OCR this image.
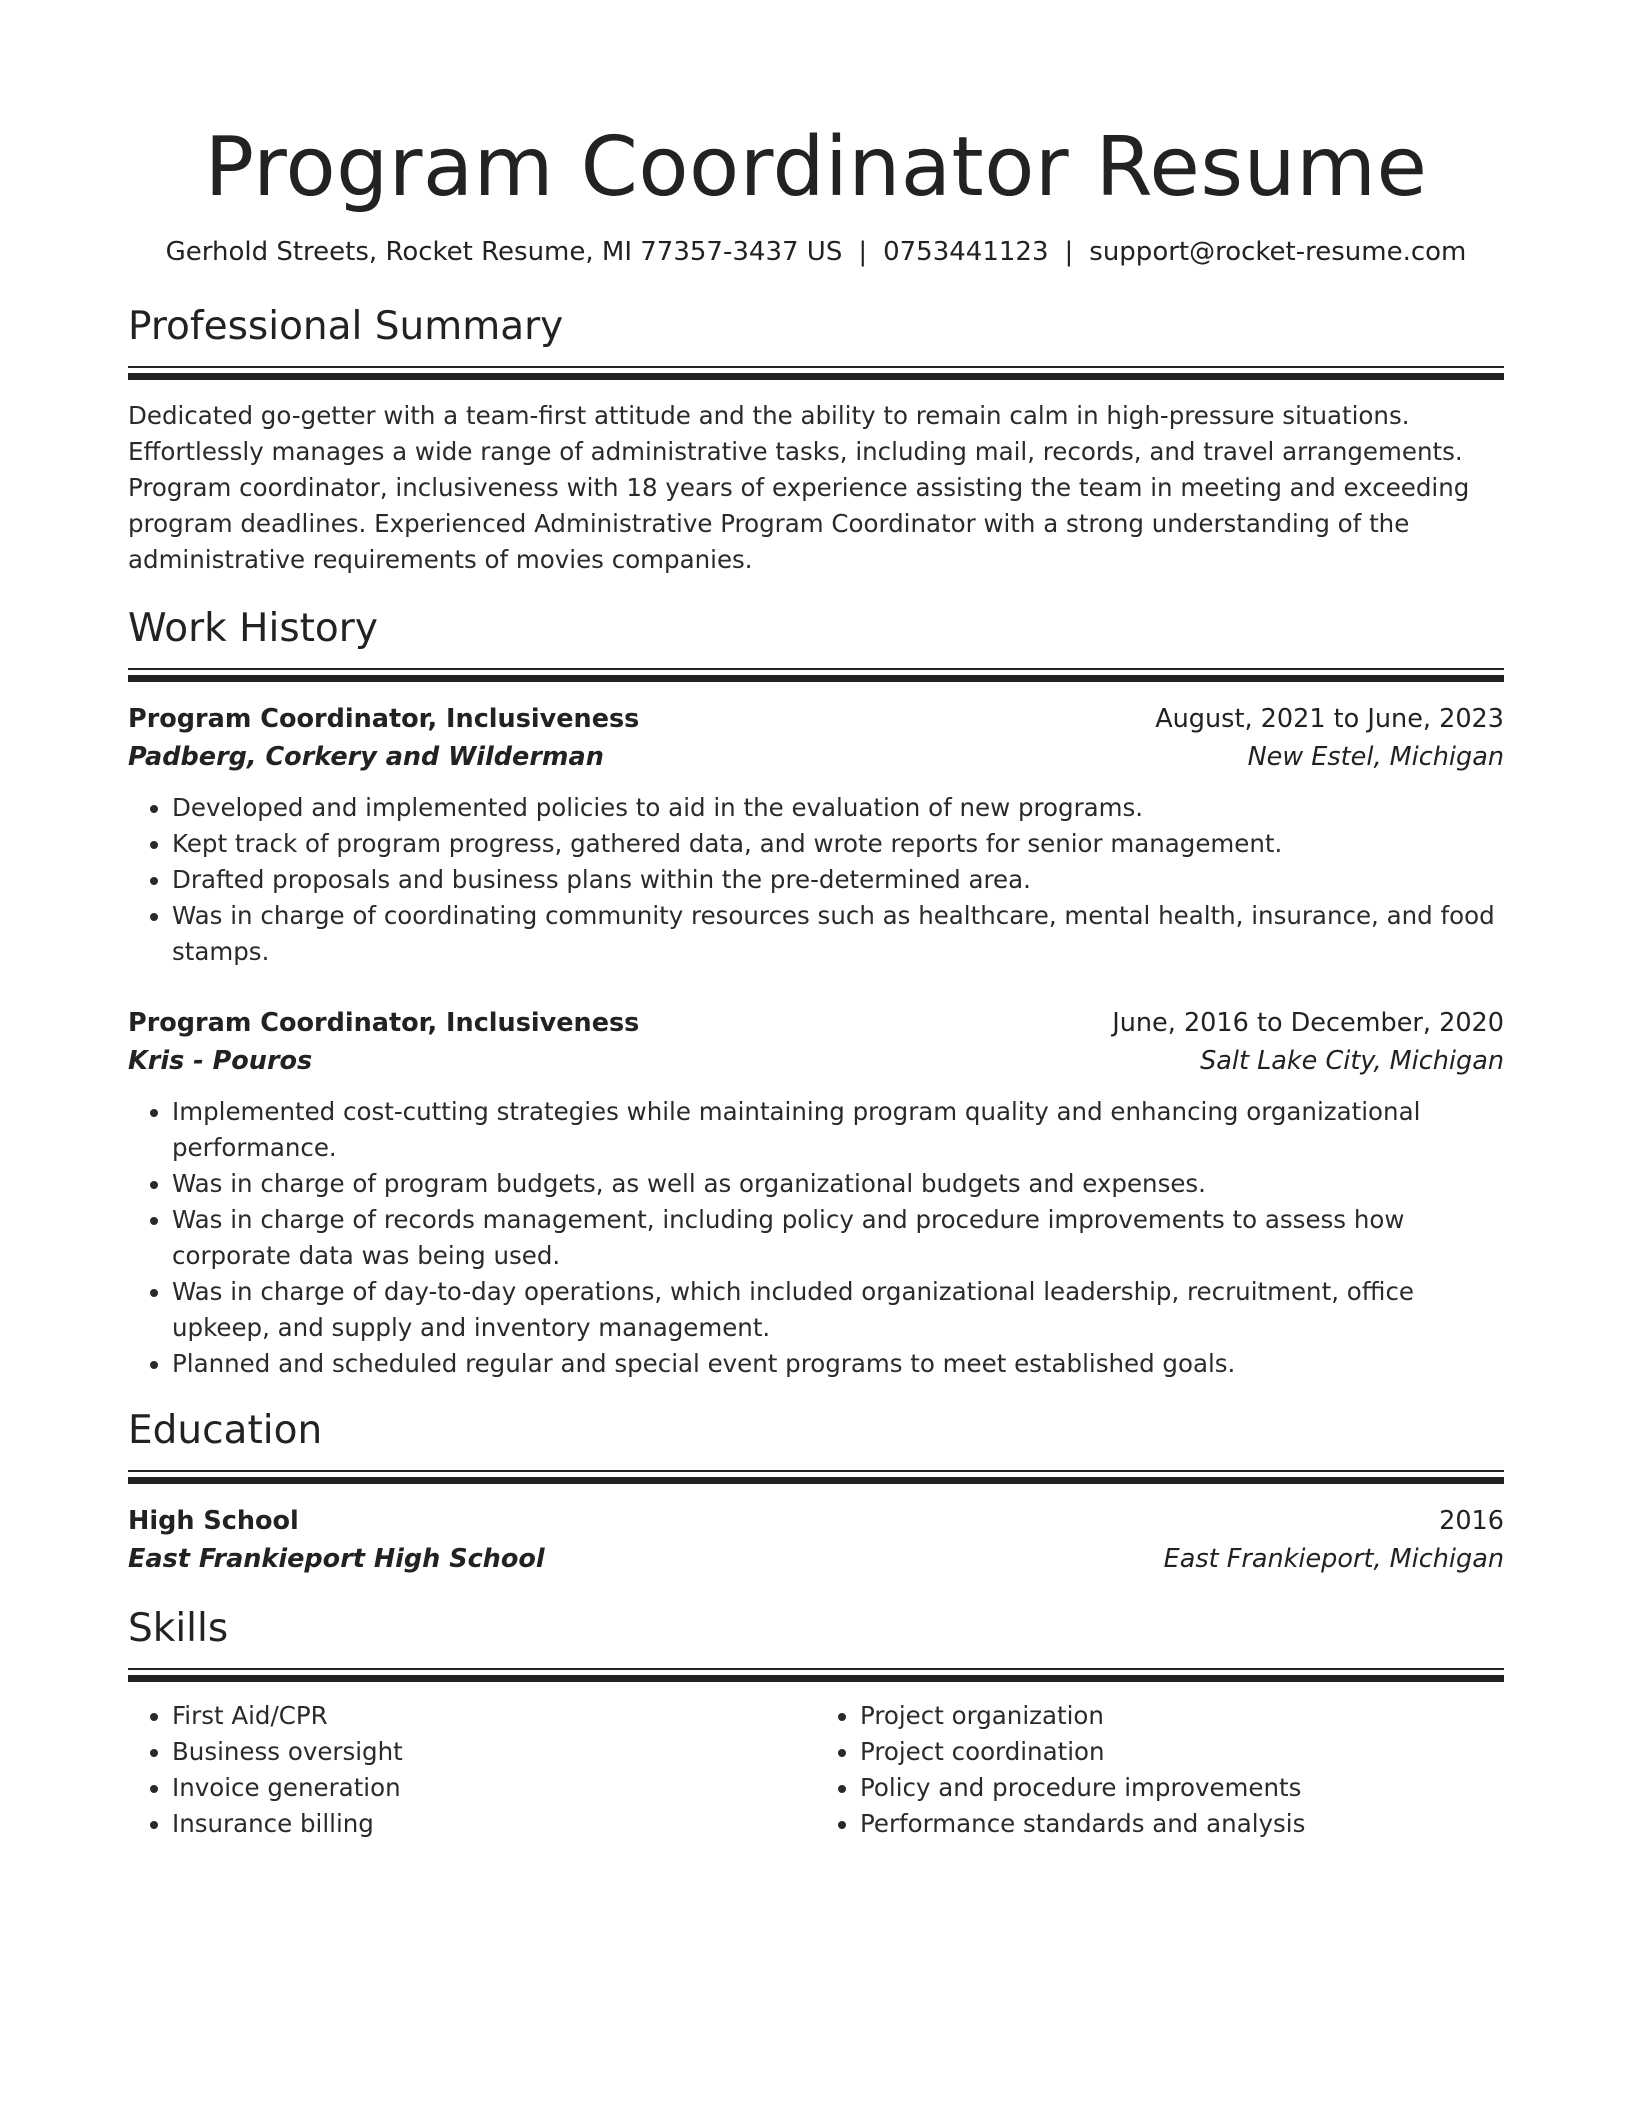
Program Coordinator Resume
Gerhold Streets, Rocket Resume, MI 77357-3437 US | 0753441123 | support@rocket-resume.com
Professional Summary

Dedicated go-getter with a team-first attitude and the ability to remain calm in high-pressure situations. Effortlessly manages a wide range of administrative tasks, including mail, records, and travel arrangements. Program coordinator, inclusiveness with 18 years of experience assisting the team in meeting and exceeding program deadlines. Experienced Administrative Program Coordinator with a strong understanding of the administrative requirements of movies companies.

Work History
Program Coordinator, Inclusiveness	August, 2021 to June, 2023
Padberg, Corkery and Wilderman	New Estel, Michigan
• Developed and implemented policies to aid in the evaluation of new programs.
• Kept track of program progress, gathered data, and wrote reports for senior management.
• Drafted proposals and business plans within the pre-determined area.
• Was in charge of coordinating community resources such as healthcare, mental health, insurance, and food stamps.
Program Coordinator, Inclusiveness	June, 2016 to December, 2020
Kris - Pouros	Salt Lake City, Michigan
• Implemented cost-cutting strategies while maintaining program quality and enhancing organizational performance.
• Was in charge of program budgets, as well as organizational budgets and expenses.
• Was in charge of records management, including policy and procedure improvements to assess how corporate data was being used.
• Was in charge of day-to-day operations, which included organizational leadership, recruitment, office upkeep, and supply and inventory management.
• Planned and scheduled regular and special event programs to meet established goals.
Education
High School	2016
East Frankieport High School	East Frankieport, Michigan
Skills
• First Aid/CPR
• Business oversight
• Invoice generation
• Insurance billing
• Project organization
• Project coordination
• Policy and procedure improvements
• Performance standards and analysis
